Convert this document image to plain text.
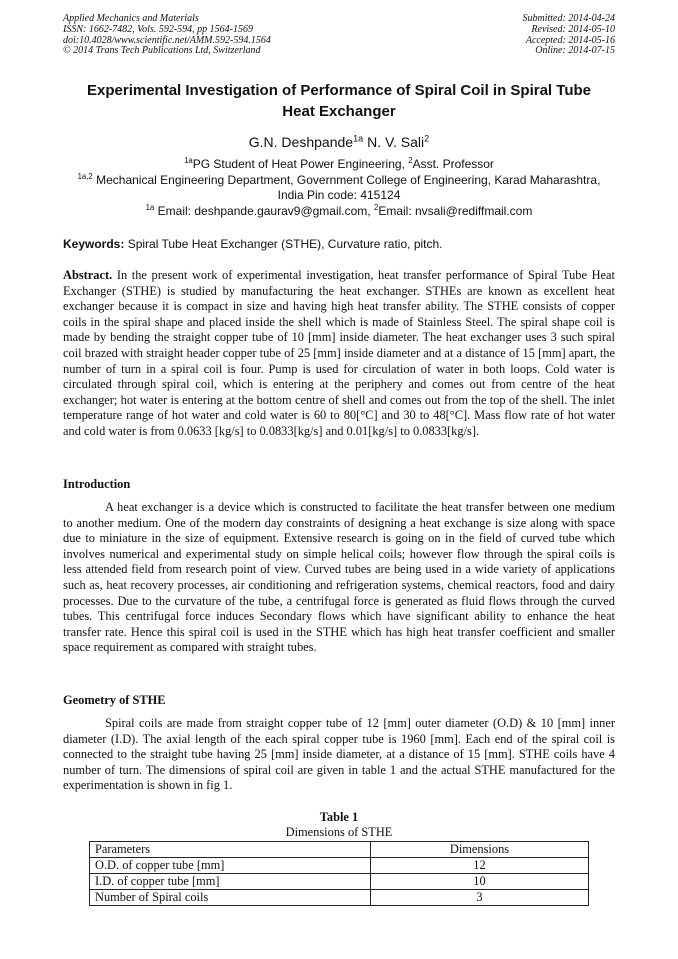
Applied Mechanics and Materials
ISSN: 1662-7482, Vols. 592-594, pp 1564-1569
doi:10.4028/www.scientific.net/AMM.592-594.1564
© 2014 Trans Tech Publications Ltd, Switzerland
Submitted: 2014-04-24
Revised: 2014-05-10
Accepted: 2014-05-16
Online: 2014-07-15
Experimental Investigation of Performance of Spiral Coil in Spiral Tube
Heat Exchanger
G.N. Deshpande$^{1a}$ N. V. Sali$^2$
$^{1a}$PG Student of Heat Power Engineering, $^2$Asst. Professor
$^{1a,2}$ Mechanical Engineering Department, Government College of Engineering, Karad Maharashtra,
India Pin code: 415124
$^{1a}$ Email: deshpande.gaurav9@gmail.com, $^2$Email: nvsali@rediffmail.com
Keywords: Spiral Tube Heat Exchanger (STHE), Curvature ratio, pitch.
Abstract. In the present work of experimental investigation, heat transfer performance of Spiral Tube Heat Exchanger (STHE) is studied by manufacturing the heat exchanger. STHEs are known as excellent heat exchanger because it is compact in size and having high heat transfer ability. The STHE consists of copper coils in the spiral shape and placed inside the shell which is made of Stainless Steel. The spiral shape coil is made by bending the straight copper tube of 10 [mm] inside diameter. The heat exchanger uses 3 such spiral coil brazed with straight header copper tube of 25 [mm] inside diameter and at a distance of 15 [mm] apart, the number of turn in a spiral coil is four. Pump is used for circulation of water in both loops. Cold water is circulated through spiral coil, which is entering at the periphery and comes out from centre of the heat exchanger; hot water is entering at the bottom centre of shell and comes out from the top of the shell. The inlet temperature range of hot water and cold water is 60 to 80[°C] and 30 to 48[°C]. Mass flow rate of hot water and cold water is from 0.0633 [kg/s] to 0.0833[kg/s] and 0.01[kg/s] to 0.0833[kg/s].
Introduction
A heat exchanger is a device which is constructed to facilitate the heat transfer between one medium to another medium. One of the modern day constraints of designing a heat exchange is size along with space due to miniature in the size of equipment. Extensive research is going on in the field of curved tube which involves numerical and experimental study on simple helical coils; however flow through the spiral coils is less attended field from research point of view. Curved tubes are being used in a wide variety of applications such as, heat recovery processes, air conditioning and refrigeration systems, chemical reactors, food and dairy processes. Due to the curvature of the tube, a centrifugal force is generated as fluid flows through the curved tubes. This centrifugal force induces Secondary flows which have significant ability to enhance the heat transfer rate. Hence this spiral coil is used in the STHE which has high heat transfer coefficient and smaller space requirement as compared with straight tubes.
Geometry of STHE
Spiral coils are made from straight copper tube of 12 [mm] outer diameter (O.D) & 10 [mm] inner diameter (I.D). The axial length of the each spiral copper tube is 1960 [mm]. Each end of the spiral coil is connected to the straight tube having 25 [mm] inside diameter, at a distance of 15 [mm]. STHE coils have 4 number of turn. The dimensions of spiral coil are given in table 1 and the actual STHE manufactured for the experimentation is shown in fig 1.
Table 1
Dimensions of STHE
Parameters	Dimensions
O.D. of copper tube [mm]	12
I.D. of copper tube [mm]	10
Number of Spiral coils	3
